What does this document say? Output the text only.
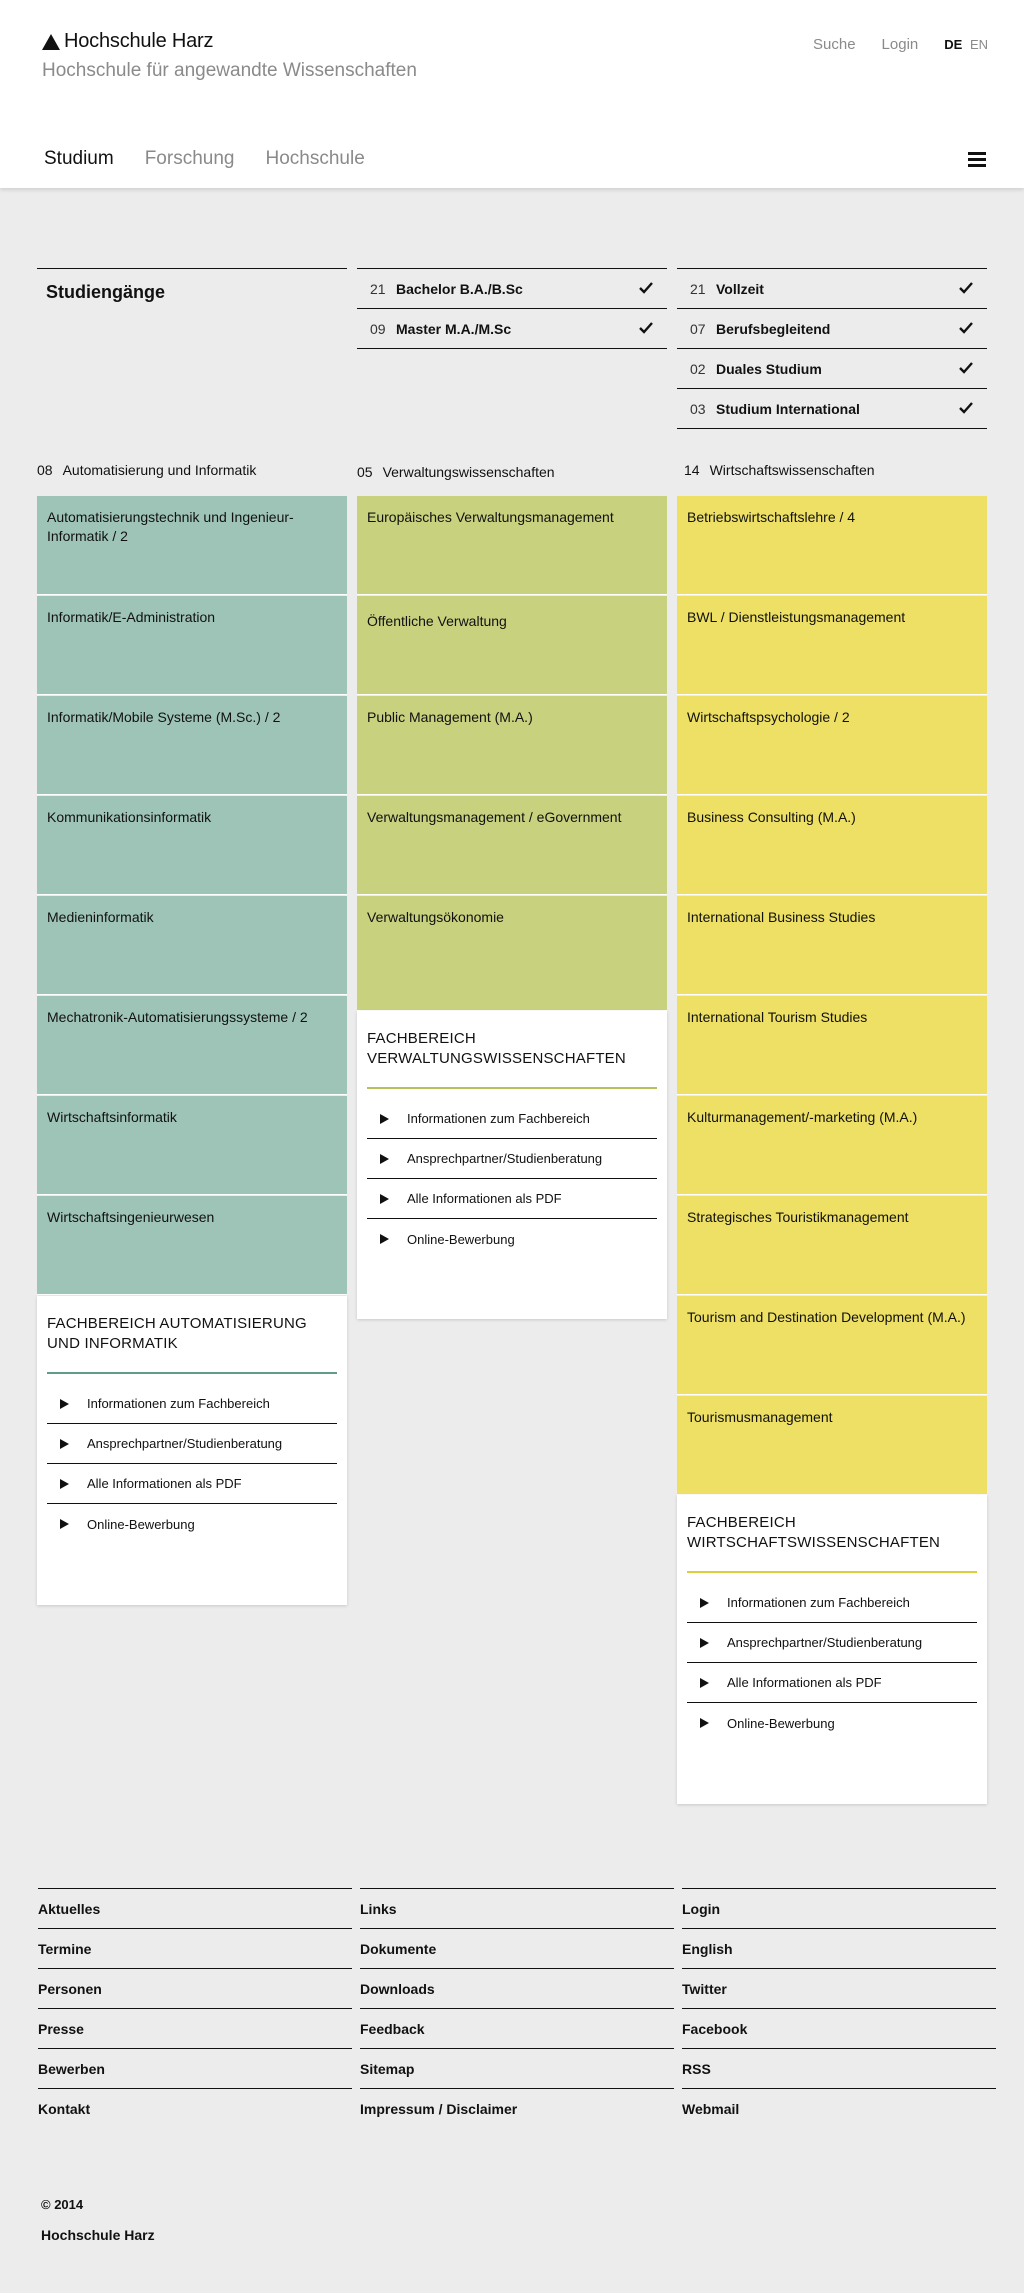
Hochschule Harz
Hochschule für angewandte Wissenschaften
Suche Login DE EN
Studium Forschung Hochschule
Studiengänge	21 Bachelor B.A./B.Sc
09 Master M.A./M.Sc
21 Vollzeit
07 Berufsbegleitend
02 Duales Studium
03 Studium International
08 Automatisierung und Informatik
Automatisierungstechnik und Ingenieur-Informatik / 2
Informatik/E-Administration
Informatik/Mobile Systeme (M.Sc.) / 2
Kommunikationsinformatik
Medieninformatik
Mechatronik-Automatisierungssysteme / 2
Wirtschaftsinformatik
Wirtschaftsingenieurwesen
FACHBEREICH AUTOMATISIERUNG UND INFORMATIK
Informationen zum Fachbereich
Ansprechpartner/Studienberatung
Alle Informationen als PDF
Online-Bewerbung
05 Verwaltungswissenschaften
Europäisches Verwaltungsmanagement
Öffentliche Verwaltung
Public Management (M.A.)
Verwaltungsmanagement / eGovernment
Verwaltungsökonomie
FACHBEREICH VERWALTUNGSWISSENSCHAFTEN
Informationen zum Fachbereich
Ansprechpartner/Studienberatung
Alle Informationen als PDF
Online-Bewerbung
14 Wirtschaftswissenschaften
Betriebswirtschaftslehre / 4
BWL / Dienstleistungsmanagement
Wirtschaftspsychologie / 2
Business Consulting (M.A.)
International Business Studies
International Tourism Studies
Kulturmanagement/-marketing (M.A.)
Strategisches Touristikmanagement
Tourism and Destination Development (M.A.)
Tourismusmanagement
FACHBEREICH WIRTSCHAFTSWISSENSCHAFTEN
Informationen zum Fachbereich
Ansprechpartner/Studienberatung
Alle Informationen als PDF
Online-Bewerbung
Aktuelles
Termine
Personen
Presse
Bewerben
Kontakt
Links
Dokumente
Downloads
Feedback
Sitemap
Impressum / Disclaimer
Login
English
Twitter
Facebook
RSS
Webmail
© 2014
Hochschule Harz
